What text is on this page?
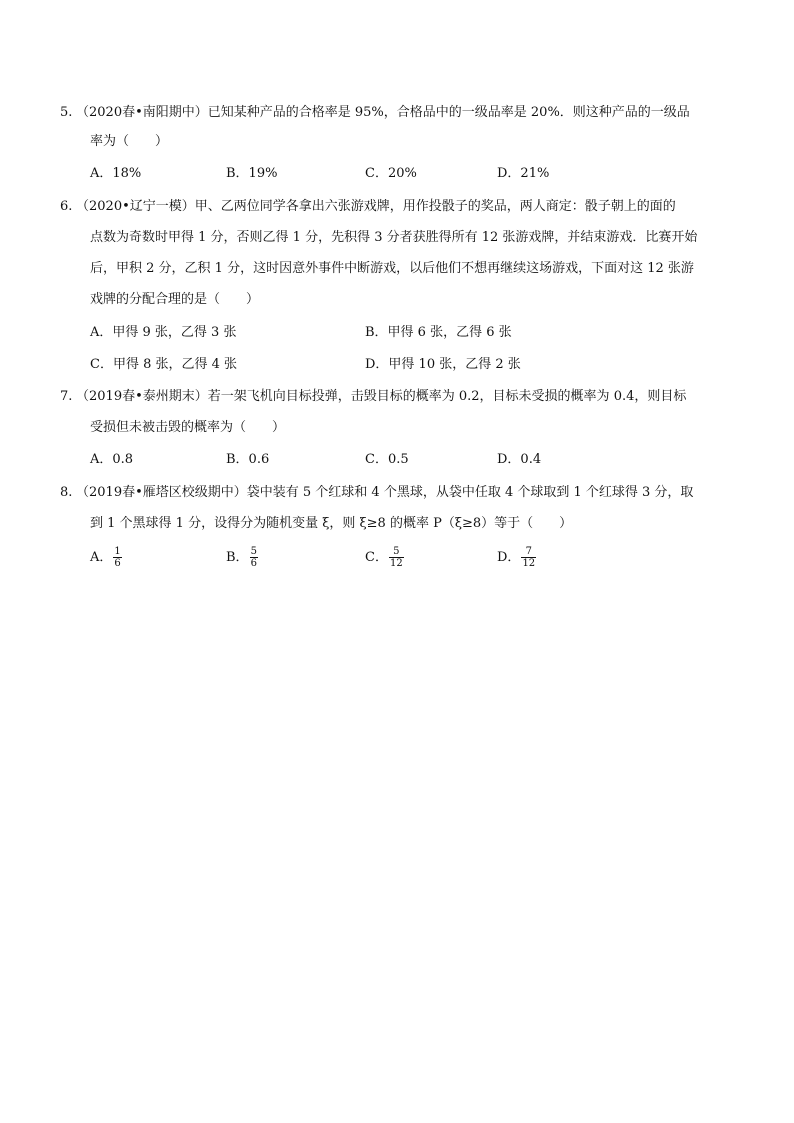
5. （2020春•南阳期中）已知某种产品的合格率是 95%，合格品中的一级品率是 20%．则这种产品的一级品
率为（　　）
A．18%	B．19%	C．20%	D．21%
6. （2020•辽宁一模）甲、乙两位同学各拿出六张游戏牌，用作投骰子的奖品，两人商定：骰子朝上的面的
点数为奇数时甲得 1 分，否则乙得 1 分，先积得 3 分者获胜得所有 12 张游戏牌，并结束游戏．比赛开始
后，甲积 2 分，乙积 1 分，这时因意外事件中断游戏，以后他们不想再继续这场游戏，下面对这 12 张游
戏牌的分配合理的是（　　）
A．甲得 9 张，乙得 3 张	B．甲得 6 张，乙得 6 张
C．甲得 8 张，乙得 4 张	D．甲得 10 张，乙得 2 张
7. （2019春•泰州期末）若一架飞机向目标投弹，击毁目标的概率为 0.2，目标未受损的概率为 0.4，则目标
受损但未被击毁的概率为（　　）
A．0.8	B．0.6	C．0.5	D．0.4
8. （2019春•雁塔区校级期中）袋中装有 5 个红球和 4 个黑球，从袋中任取 4 个球取到 1 个红球得 3 分，取
到 1 个黑球得 1 分，设得分为随机变量 ξ，则 ξ≥8 的概率 P（ξ≥8）等于（　　）
A． $\frac{1}{6}$	B． $\frac{5}{6}$	C． $\frac{5}{12}$	D． $\frac{7}{12}$
